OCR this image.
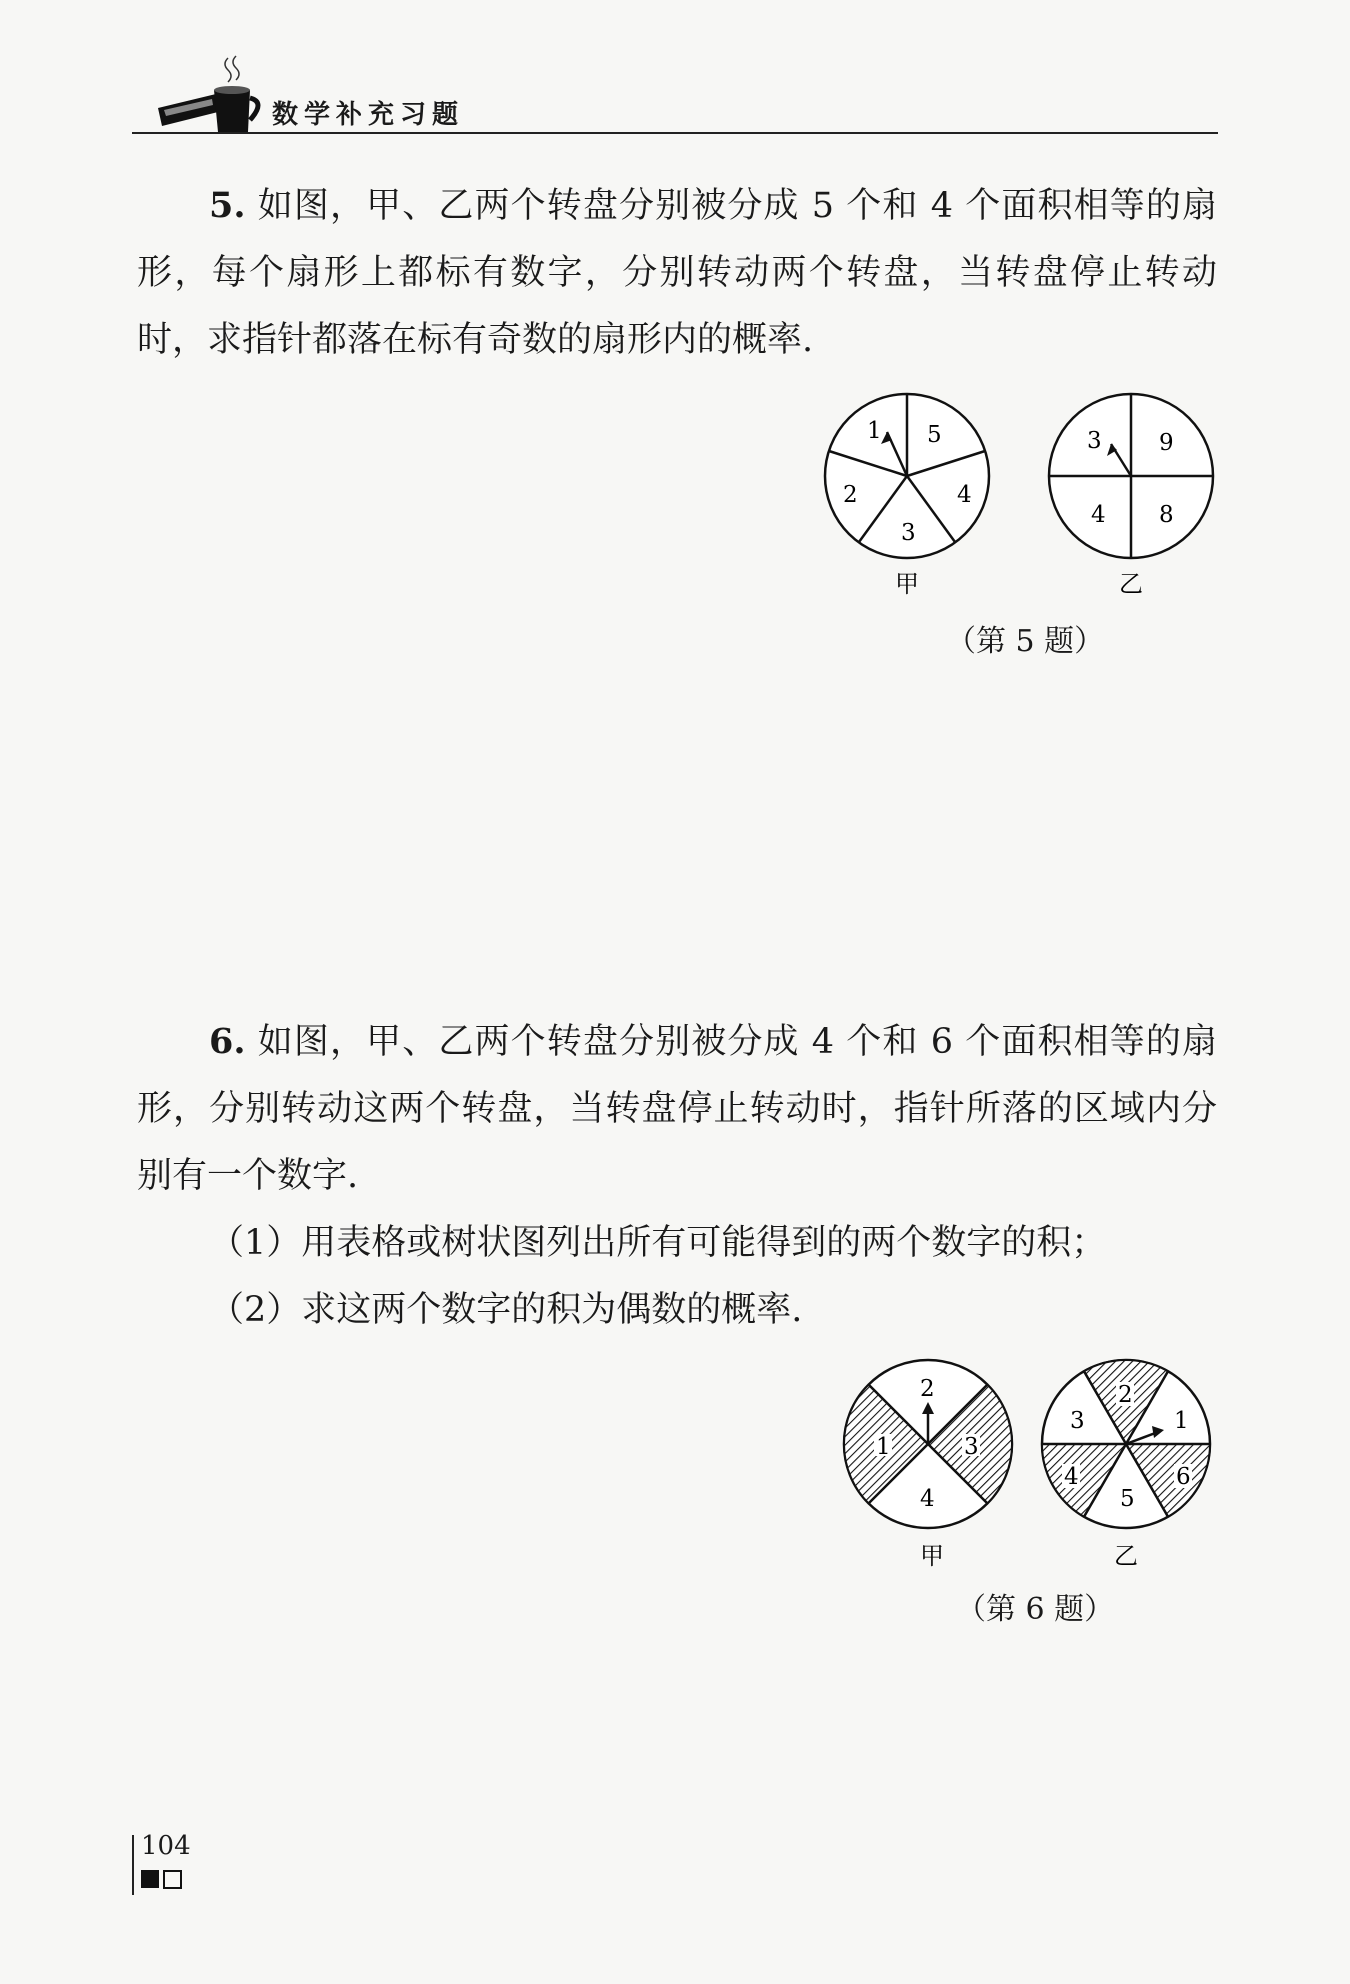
数学补充习题
5. 如图，甲、乙两个转盘分别被分成 5 个和 4 个面积相等的扇形，每个扇形上都标有数字，分别转动两个转盘，当转盘停止转动时，求指针都落在标有奇数的扇形内的概率.
1 5
4
3
2
甲
3 9
8
4
乙
（第 5 题）
6. 如图，甲、乙两个转盘分别被分成 4 个和 6 个面积相等的扇形，分别转动这两个转盘，当转盘停止转动时，指针所落的区域内分别有一个数字.
（1）用表格或树状图列出所有可能得到的两个数字的积；
（2）求这两个数字的积为偶数的概率.
2
3
4
1
甲
2
1
6
5
4
3
乙
（第 6 题）
104
